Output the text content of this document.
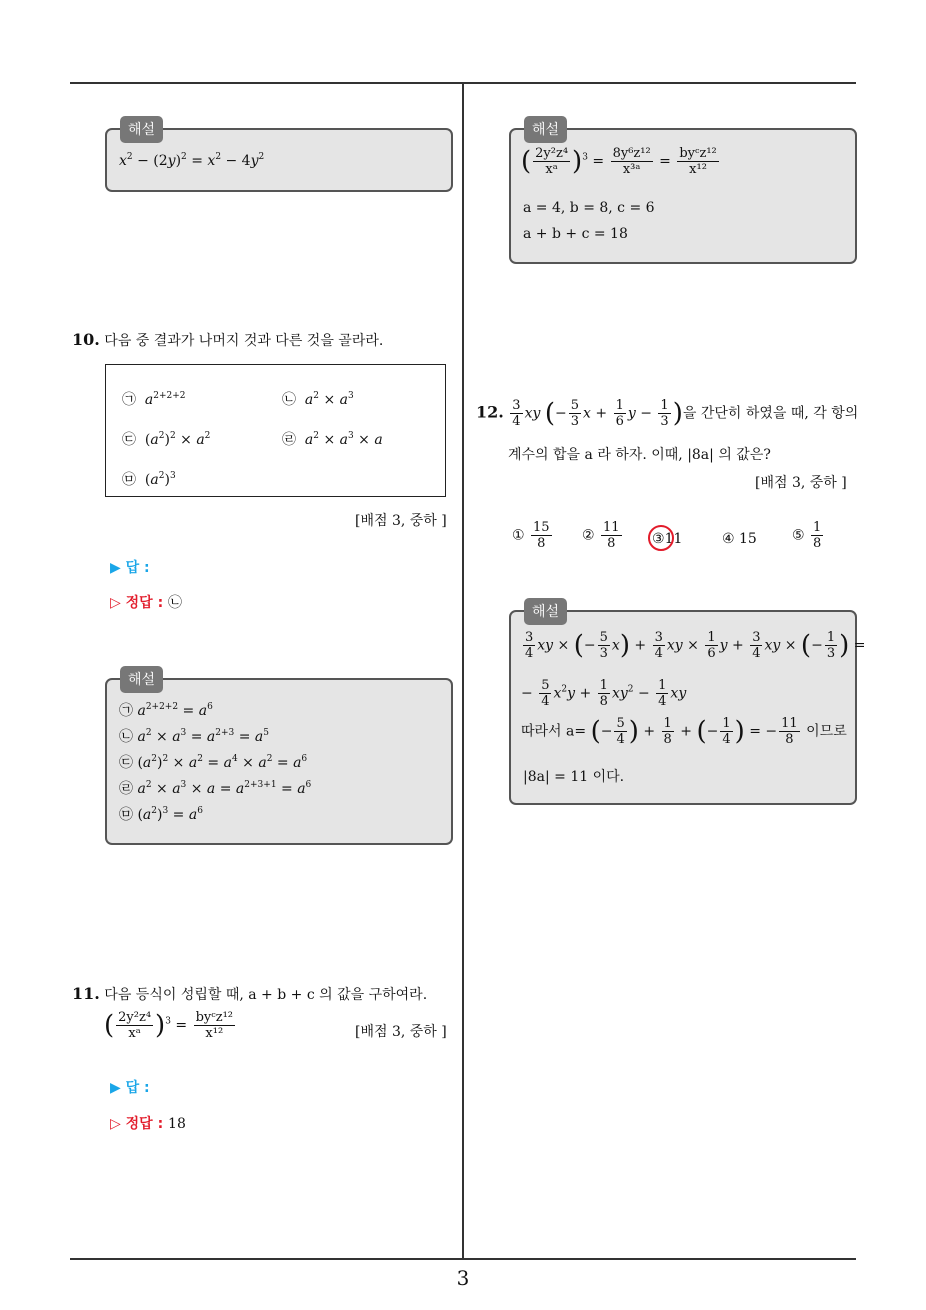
3
$x^2 - (2y)^2 = x^2 - 4y^2$
해설
10. 다음 중 결과가 나머지 것과 다른 것을 골라라.
㉠ $a^{2+2+2}$	㉡ $a^2 \times a^3$
㉢  $(a^2)^2 \times a^2$	㉣ $a^2 \times a^3 \times a$
㉤  $(a^2)^3$
[배점 3, 중하 ]
▶ 답 :
▷ 정답 : ㉡
㉠ $a^{2+2+2} = a^6$
㉡ $a^2 \times a^3 = a^{2+3} = a^5$
㉢ $(a^2)^2 \times a^2 = a^4 \times a^2 = a^6$
㉣ $a^2 \times a^3 \times a = a^{2+3+1} = a^6$
㉤ $(a^2)^3 = a^6$
해설
11. 다음 등식이 성립할 때, a + b + c 의 값을 구하여라.
( $\frac{\text{2y²z⁴}}{\text{xᵃ}} )^3 = \frac{\text{byᶜz¹²}}{\text{x¹²}}$	[배점 3, 중하 ]
▶ 답 :
▷ 정답 : 18
( $\frac{\text{2y²z⁴}}{\text{xᵃ}} )^3 = \frac{\text{8y⁶z¹²}}{\text{x³ᵃ}} = \frac{\text{byᶜz¹²}}{\text{x¹²}}$
a = 4, b = 8, c = 6
a + b + c = 18
해설
12. $\frac{3}{4}$ xy (− $\frac{5}{3}$ $x + \frac{1}{6}$ $y - \frac{1}{3}$ )을 간단히 하였을 때, 각 항의
계수의 합을 a 라 하자. 이때, |8a| 의 값은?
[배점 3, 중하 ]
① $\frac{15}{8}$ ② $\frac{11}{8}$ ③11	④ 15	⑤ $\frac{1}{8}$
$\frac{3}{4}$ xy × (− $\frac{5}{3} x) + \frac{3}{4}$ xy × $\frac{1}{6}$ $y + \frac{3}{4}$ xy × (− $\frac{1}{3}$ ) =
− $\frac{5}{4} x^2y + \frac{1}{8} xy^2 - \frac{1}{4}$ xy
따라서 a= (− $\frac{5}{4}$ ) + $\frac{1}{8}$ + (− $\frac{1}{4}$ ) = − $\frac{11}{8}$ 이므로
|8a| = 11 이다.
해설
